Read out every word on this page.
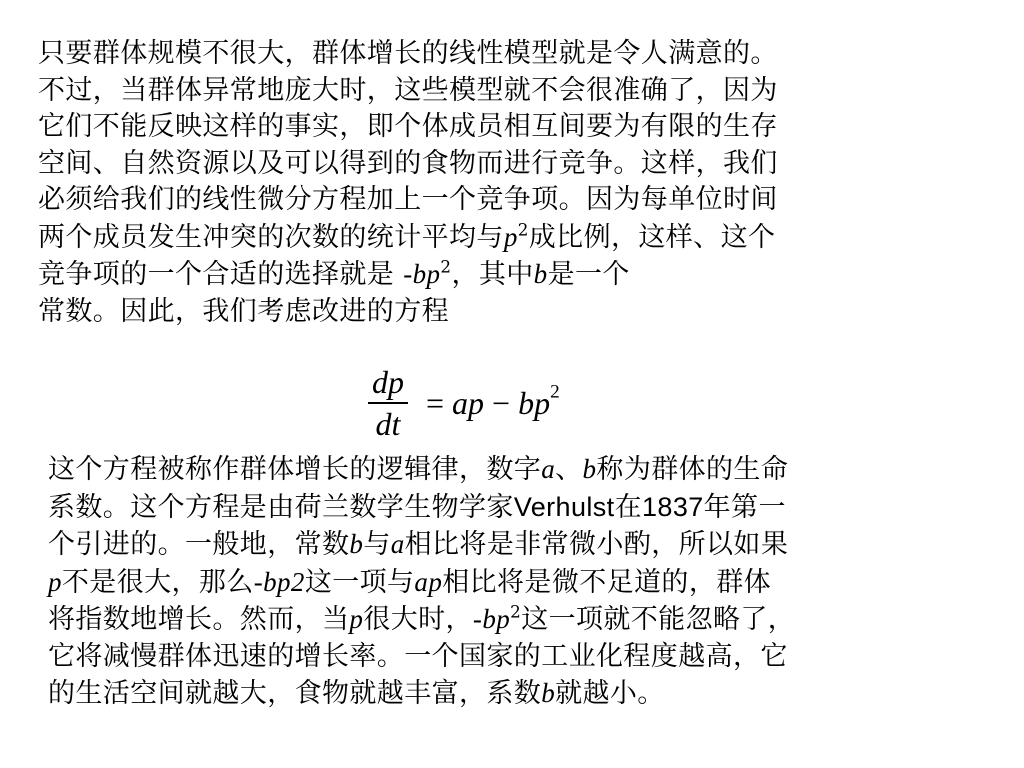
只要群体规模不很大，群体增长的线性模型就是令人满意的。
不过，当群体异常地庞大时，这些模型就不会很准确了，因为
它们不能反映这样的事实，即个体成员相互间要为有限的生存
空间、自然资源以及可以得到的食物而进行竞争。这样，我们
必须给我们的线性微分方程加上一个竞争项。因为每单位时间
两个成员发生冲突的次数的统计平均与$p^2$成比例，这样、这个
竞争项的一个合适的选择就是 $-bp^2$，其中b是一个
常数。因此，我们考虑改进的方程
$\frac{dp}{dt}$ = ap − $bp^2$
这个方程被称作群体增长的逻辑律，数字a、b称为群体的生命
系数。这个方程是由荷兰数学生物学家Verhulst在1837年第一
个引进的。一般地，常数b与a相比将是非常微小酌，所以如果
p不是很大，那么-bp2这一项与ap相比将是微不足道的，群体
将指数地增长。然而，当p很大时，$-bp^2$这一项就不能忽略了，
它将减慢群体迅速的增长率。一个国家的工业化程度越高，它
的生活空间就越大，食物就越丰富，系数b就越小。
